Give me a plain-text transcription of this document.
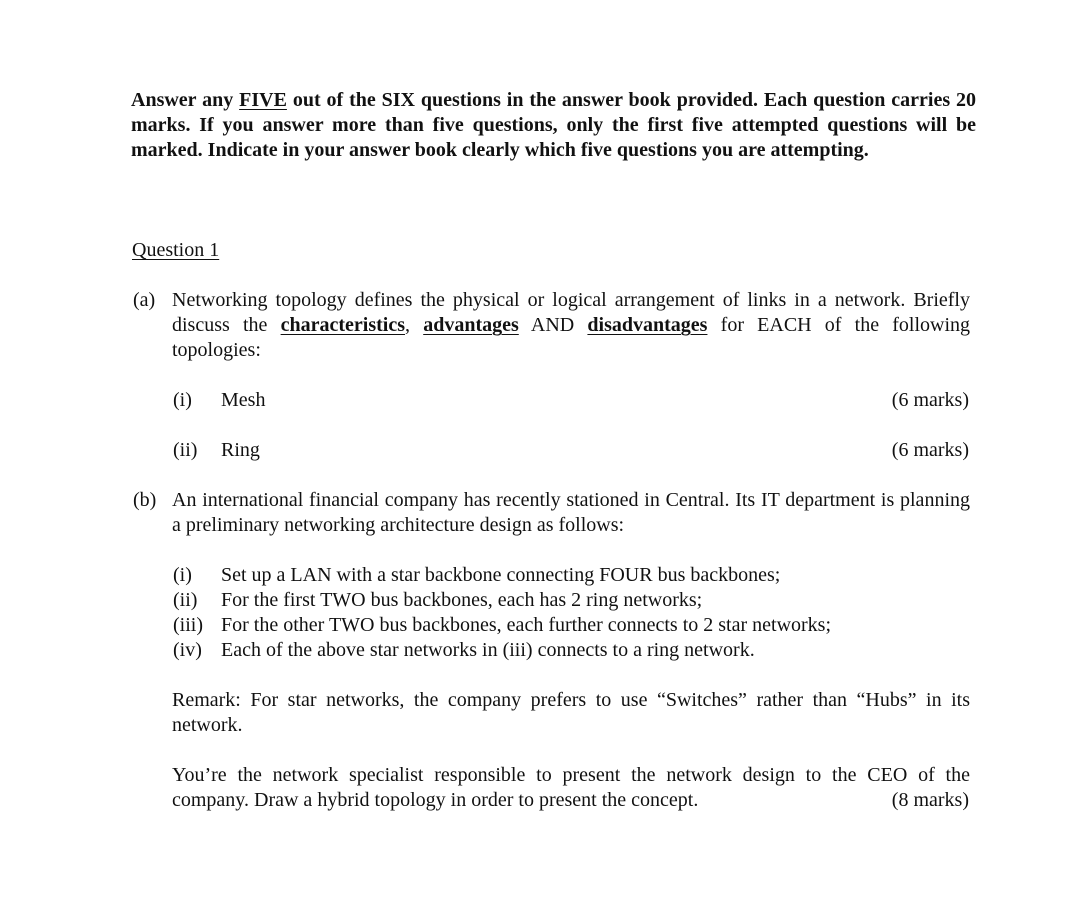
Answer any FIVE out of the SIX questions in the answer book provided. Each question carries 20 marks. If you answer more than five questions, only the first five attempted questions will be marked. Indicate in your answer book clearly which five questions you are attempting.
Question 1
(a) Networking topology defines the physical or logical arrangement of links in a network. Briefly discuss the characteristics, advantages AND disadvantages for EACH of the following topologies:
(i) Mesh	(6 marks)
(ii) Ring	(6 marks)
(b) An international financial company has recently stationed in Central. Its IT department is planning a preliminary networking architecture design as follows:
(i) Set up a LAN with a star backbone connecting FOUR bus backbones;
(ii) For the first TWO bus backbones, each has 2 ring networks;
(iii) For the other TWO bus backbones, each further connects to 2 star networks;
(iv) Each of the above star networks in (iii) connects to a ring network.
Remark: For star networks, the company prefers to use “Switches” rather than “Hubs” in its network.
You’re the network specialist responsible to present the network design to the CEO of the
company. Draw a hybrid topology in order to present the concept.	(8 marks)
